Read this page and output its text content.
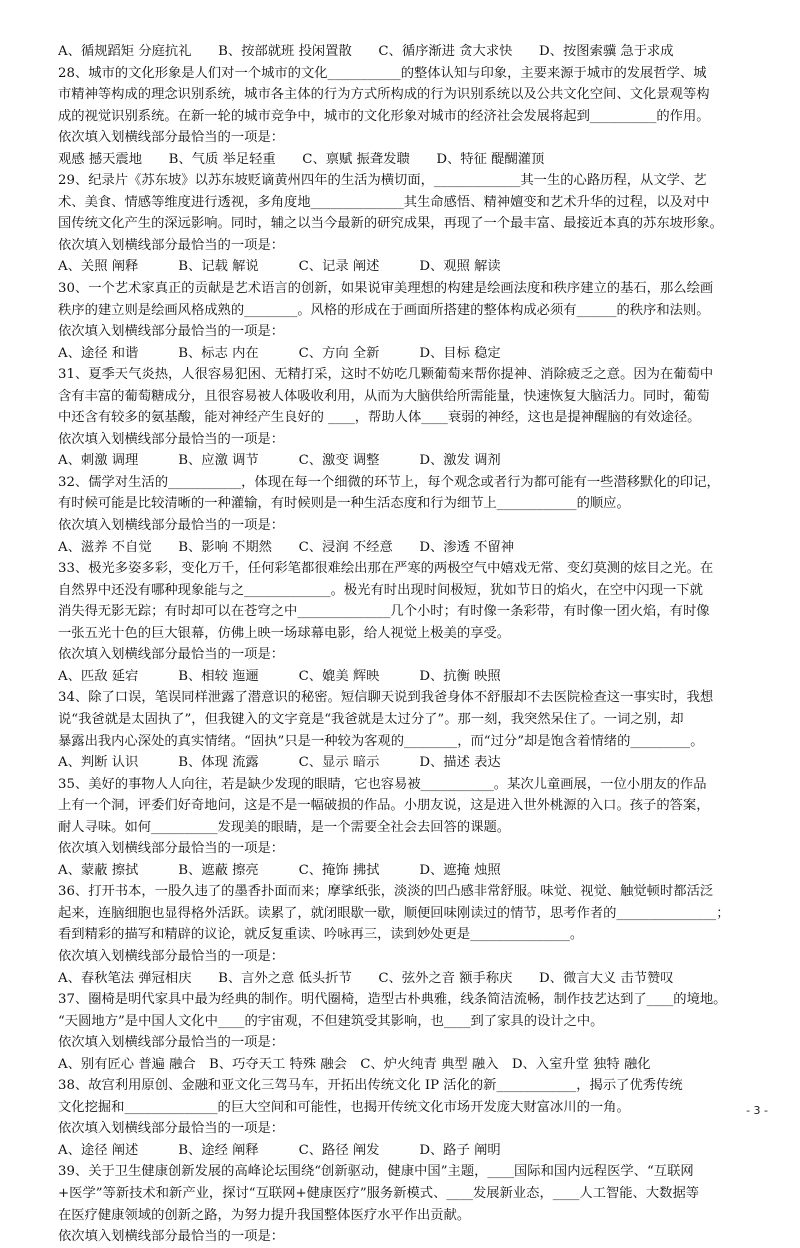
A、循规蹈矩 分庭抗礼　　B、按部就班 投闲置散　　C、循序渐进 贪大求快　　D、按图索骥 急于求成
28、城市的文化形象是人们对一个城市的文化___________的整体认知与印象，主要来源于城市的发展哲学、城
市精神等构成的理念识别系统，城市各主体的行为方式所构成的行为识别系统以及公共文化空间、文化景观等构
成的视觉识别系统。在新一轮的城市竞争中，城市的文化形象对城市的经济社会发展将起到__________的作用。
依次填入划横线部分最恰当的一项是：
观感 撼天震地　　B、气质 举足轻重　　C、禀赋 振聋发聩　　D、特征 醍醐灌顶
29、纪录片《苏东坡》以苏东坡贬谪黄州四年的生活为横切面，_____________其一生的心路历程，从文学、艺
术、美食、情感等维度进行透视，多角度地______________其生命感悟、精神嬗变和艺术升华的过程，以及对中
国传统文化产生的深远影响。同时，辅之以当今最新的研究成果，再现了一个最丰富、最接近本真的苏东坡形象。
依次填入划横线部分最恰当的一项是：
A、关照 阐释　　　B、记载 解说　　　C、记录 阐述　　　D、观照 解读
30、一个艺术家真正的贡献是艺术语言的创新，如果说审美理想的构建是绘画法度和秩序建立的基石，那么绘画
秩序的建立则是绘画风格成熟的________。风格的形成在于画面所搭建的整体构成必须有______的秩序和法则。
依次填入划横线部分最恰当的一项是：
A、途径 和谐　　　B、标志 内在　　　C、方向 全新　　　D、目标 稳定
31、夏季天气炎热，人很容易犯困、无精打采，这时不妨吃几颗葡萄来帮你提神、消除疲乏之意。因为在葡萄中
含有丰富的葡萄糖成分，且很容易被人体吸收利用，从而为大脑供给所需能量，快速恢复大脑活力。同时，葡萄
中还含有较多的氨基酸，能对神经产生良好的 ____，帮助人体____衰弱的神经，这也是提神醒脑的有效途径。
依次填入划横线部分最恰当的一项是：
A、刺激 调理　　　B、应激 调节　　　C、激变 调整　　　D、激发 调剂
32、儒学对生活的___________，体现在每一个细微的环节上，每个观念或者行为都可能有一些潜移默化的印记，
有时候可能是比较清晰的一种灌输，有时候则是一种生活态度和行为细节上____________的顺应。
依次填入划横线部分最恰当的一项是：
A、滋养 不自觉　　B、影响 不期然　　C、浸润 不经意　　D、渗透 不留神
33、极光多姿多彩，变化万千，任何彩笔都很难绘出那在严寒的两极空气中嬉戏无常、变幻莫测的炫目之光。在
自然界中还没有哪种现象能与之_____________。极光有时出现时间极短，犹如节日的焰火，在空中闪现一下就
消失得无影无踪；有时却可以在苍穹之中______________几个小时；有时像一条彩带，有时像一团火焰，有时像
一张五光十色的巨大银幕，仿佛上映一场球幕电影，给人视觉上极美的享受。
依次填入划横线部分最恰当的一项是：
A、匹敌 延宕　　　B、相较 迤逦　　　C、媲美 辉映　　　D、抗衡 映照
34、除了口误，笔误同样泄露了潜意识的秘密。短信聊天说到我爸身体不舒服却不去医院检查这一事实时，我想
说“我爸就是太固执了”，但我键入的文字竟是“我爸就是太过分了”。那一刻，我突然呆住了。一词之别，却
暴露出我内心深处的真实情绪。“固执”只是一种较为客观的________，而“过分”却是饱含着情绪的_________。
A、判断 认识　　　B、体现 流露　　　C、显示 暗示　　　D、描述 表达
35、美好的事物人人向往，若是缺少发现的眼睛，它也容易被___________。某次儿童画展，一位小朋友的作品
上有一个洞，评委们好奇地问，这是不是一幅破损的作品。小朋友说，这是进入世外桃源的入口。孩子的答案，
耐人寻味。如何__________发现美的眼睛，是一个需要全社会去回答的课题。
依次填入划横线部分最恰当的一项是：
A、蒙蔽 擦拭　　　B、遮蔽 擦亮　　　C、掩饰 拂拭　　　D、遮掩 烛照
36、打开书本，一股久违了的墨香扑面而来；摩挲纸张，淡淡的凹凸感非常舒服。味觉、视觉、触觉顿时都活泛
起来，连脑细胞也显得格外活跃。读累了，就闭眼歇一歇，顺便回味刚读过的情节，思考作者的_______________；
看到精彩的描写和精辟的议论，就反复重读、吟咏再三，读到妙处更是_______________。
依次填入划横线部分最恰当的一项是：
A、春秋笔法 弹冠相庆　　B、言外之意 低头折节　　C、弦外之音 额手称庆　　D、微言大义 击节赞叹
37、圈椅是明代家具中最为经典的制作。明代圈椅，造型古朴典雅，线条简洁流畅，制作技艺达到了____的境地。
“天圆地方”是中国人文化中____的宇宙观，不但建筑受其影响，也____到了家具的设计之中。
依次填入划横线部分最恰当的一项是：
A、别有匠心 普遍 融合　B、巧夺天工 特殊 融会　C、炉火纯青 典型 融入　D、入室升堂 独特 融化
38、故宫利用原创、金融和亚文化三驾马车，开拓出传统文化 IP 活化的新____________，揭示了优秀传统
文化挖掘和______________的巨大空间和可能性，也揭开传统文化市场开发庞大财富冰川的一角。
依次填入划横线部分最恰当的一项是：
A、途径 阐述　　　B、途经 阐释　　　C、路径 阐发　　　D、路子 阐明
39、关于卫生健康创新发展的高峰论坛围绕“创新驱动，健康中国”主题，____国际和国内远程医学、“互联网
+医学”等新技术和新产业，探讨“互联网+健康医疗”服务新模式、____发展新业态，____人工智能、大数据等
在医疗健康领域的创新之路，为努力提升我国整体医疗水平作出贡献。
依次填入划横线部分最恰当的一项是：
- 3 -
